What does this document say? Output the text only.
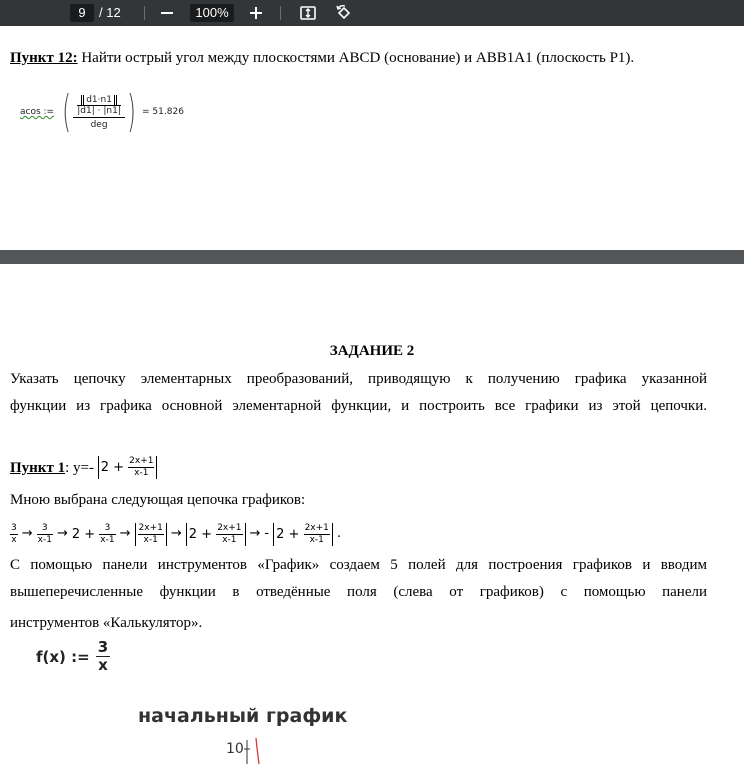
9	/ 12	100%
Пункт 12: Найти острый угол между плоскостями ABCD (основание) и ABB1A1 (плоскость P1).
acos := (	d1·n1
|d1| · |n1|
deg ) = 51.826
ЗАДАНИЕ 2
Указать цепочку элементарных преобразований, приводящую к получению графика указанной
функции из графика основной элементарной функции, и построить все графики из этой цепочки.
Пункт 1 : y=- $2 + \frac{2x+1}{x-1}$
Мною выбрана следующая цепочка графиков:
$\frac{3}{x} \to \frac{3}{x-1} \to 2 + \frac{3}{x-1} \to \frac{2x+1}{x-1} \to 2 + \frac{2x+1}{x-1}$ → - $2 + \frac{2x+1}{x-1}$ .
С помощью панели инструментов «График» создаем 5 полей для построения графиков и вводим
вышеперечисленные функции в отведённые поля (слева от графиков) с помощью панели
инструментов «Калькулятор».
f(x) := $\frac{3}{x}$
начальный график
10
